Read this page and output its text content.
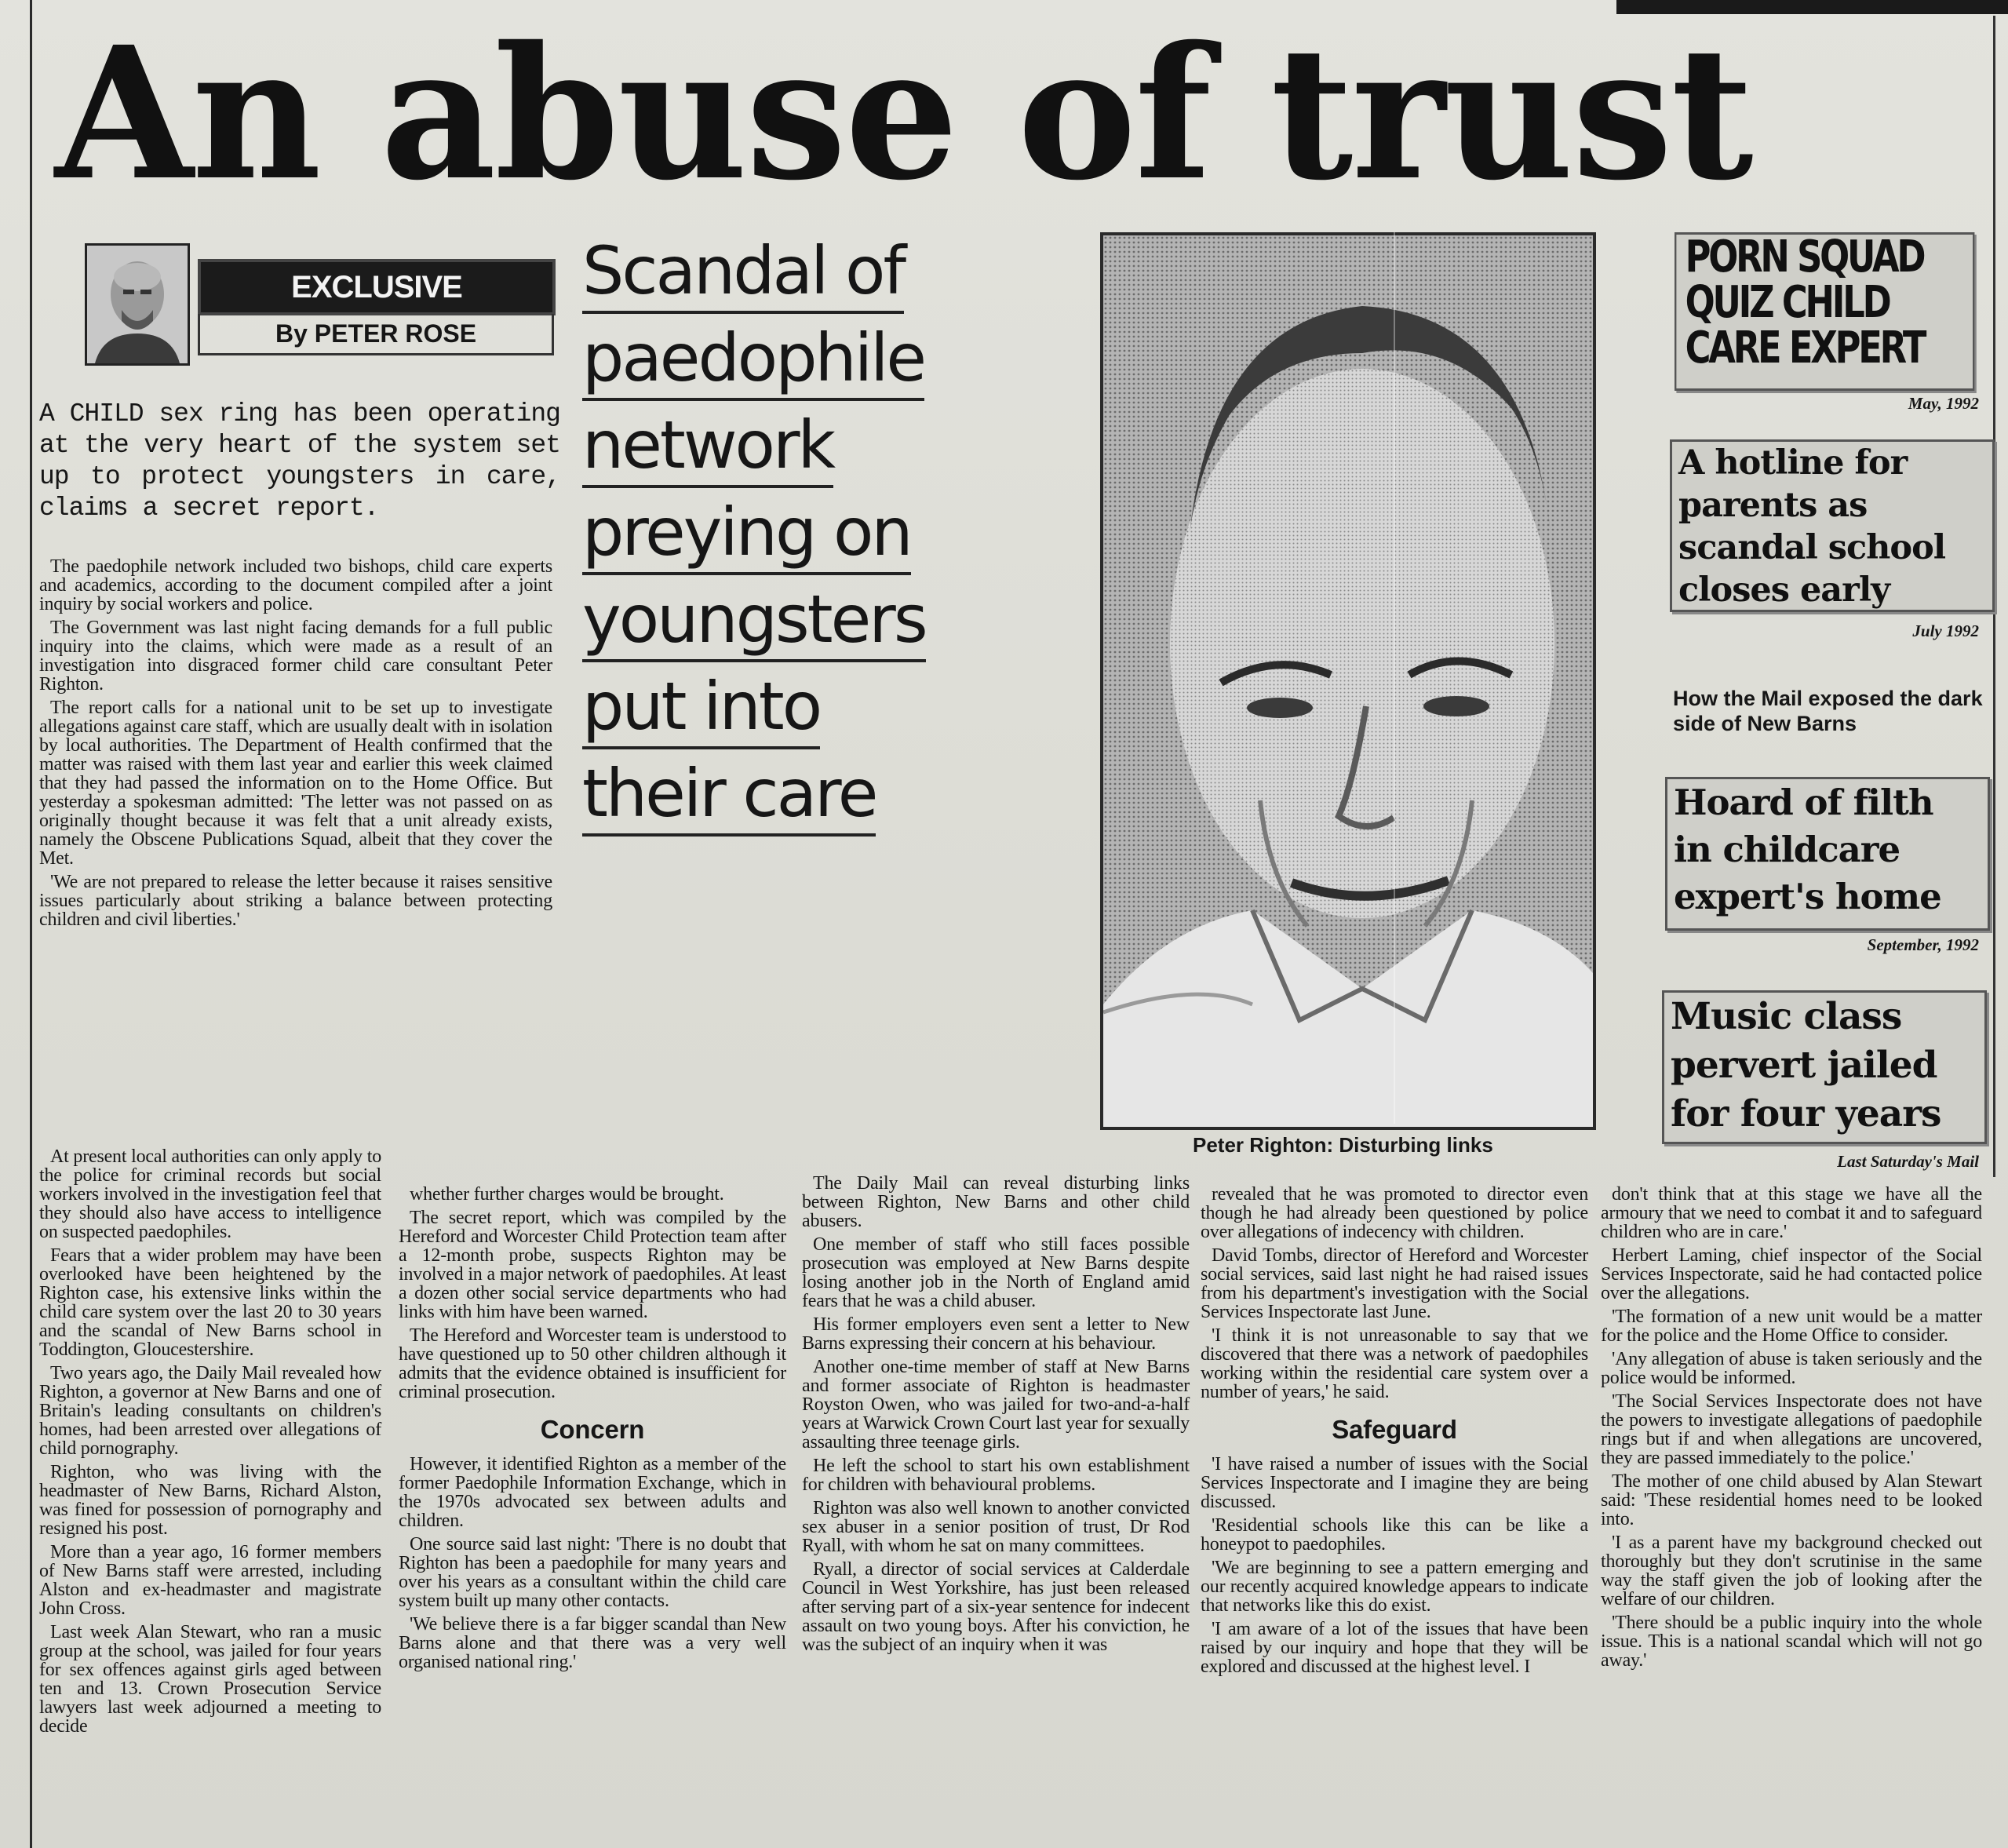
An abuse of trust
EXCLUSIVE
By PETER ROSE
A CHILD sex ring has been operating at the very heart of the system set up to protect youngsters in care, claims a secret report.

The paedophile network included two bishops, child care experts and academics, according to the document compiled after a joint inquiry by social workers and police.

The Government was last night facing demands for a full public inquiry into the claims, which were made as a result of an investigation into disgraced former child care consultant Peter Righton.

The report calls for a national unit to be set up to investigate allegations against care staff, which are usually dealt with in isolation by local authorities. The Department of Health confirmed that the matter was raised with them last year and earlier this week claimed that they had passed the information on to the Home Office. But yesterday a spokesman admitted: 'The letter was not passed on as originally thought because it was felt that a unit already exists, namely the Obscene Publications Squad, albeit that they cover the Met.

'We are not prepared to release the letter because it raises sensitive issues particularly about striking a balance between protecting children and civil liberties.'

At present local authorities can only apply to the police for criminal records but social workers involved in the investigation feel that they should also have access to intelligence on suspected paedophiles.

Fears that a wider problem may have been overlooked have been heightened by the Righton case, his extensive links within the child care system over the last 20 to 30 years and the scandal of New Barns school in Toddington, Gloucestershire.

Two years ago, the Daily Mail revealed how Righton, a governor at New Barns and one of Britain's leading consultants on children's homes, had been arrested over allegations of child pornography.

Righton, who was living with the headmaster of New Barns, Richard Alston, was fined for possession of pornography and resigned his post.

More than a year ago, 16 former members of New Barns staff were arrested, including Alston and ex-headmaster and magistrate John Cross.

Last week Alan Stewart, who ran a music group at the school, was jailed for four years for sex offences against girls aged between ten and 13. Crown Prosecution Service lawyers last week adjourned a meeting to decide

whether further charges would be brought.

The secret report, which was compiled by the Hereford and Worcester Child Protection team after a 12-month probe, suspects Righton may be involved in a major network of paedophiles. At least a dozen other social service departments who had links with him have been warned.

The Hereford and Worcester team is understood to have questioned up to 50 other children although it admits that the evidence obtained is insufficient for criminal prosecution.

Concern

However, it identified Righton as a member of the former Paedophile Information Exchange, which in the 1970s advocated sex between adults and children.

One source said last night: 'There is no doubt that Righton has been a paedophile for many years and over his years as a consultant within the child care system built up many other contacts.

'We believe there is a far bigger scandal than New Barns alone and that there was a very well organised national ring.'

The Daily Mail can reveal disturbing links between Righton, New Barns and other child abusers.

One member of staff who still faces possible prosecution was employed at New Barns despite losing another job in the North of England amid fears that he was a child abuser.

His former employers even sent a letter to New Barns expressing their concern at his behaviour.

Another one-time member of staff at New Barns and former associate of Righton is headmaster Royston Owen, who was jailed for two-and-a-half years at Warwick Crown Court last year for sexually assaulting three teenage girls.

He left the school to start his own establishment for children with behavioural problems.

Righton was also well known to another convicted sex abuser in a senior position of trust, Dr Rod Ryall, with whom he sat on many committees.

Ryall, a director of social services at Calderdale Council in West Yorkshire, has just been released after serving part of a six-year sentence for indecent assault on two young boys. After his conviction, he was the subject of an inquiry when it was

revealed that he was promoted to director even though he had already been questioned by police over allegations of indecency with children.

David Tombs, director of Hereford and Worcester social services, said last night he had raised issues from his department's investigation with the Social Services Inspectorate last June.

'I think it is not unreasonable to say that we discovered that there was a network of paedophiles working within the residential care system over a number of years,' he said.

Safeguard

'I have raised a number of issues with the Social Services Inspectorate and I imagine they are being discussed.

'Residential schools like this can be like a honeypot to paedophiles.

'We are beginning to see a pattern emerging and our recently acquired knowledge appears to indicate that networks like this do exist.

'I am aware of a lot of the issues that have been raised by our inquiry and hope that they will be explored and discussed at the highest level. I

don't think that at this stage we have all the armoury that we need to combat it and to safeguard children who are in care.'

Herbert Laming, chief inspector of the Social Services Inspectorate, said he had contacted police over the allegations.

'The formation of a new unit would be a matter for the police and the Home Office to consider.

'Any allegation of abuse is taken seriously and the police would be informed.

'The Social Services Inspectorate does not have the powers to investigate allegations of paedophile rings but if and when allegations are uncovered, they are passed immediately to the police.'

The mother of one child abused by Alan Stewart said: 'These residential homes need to be looked into.

'I as a parent have my background checked out thoroughly but they don't scrutinise in the same way the staff given the job of looking after the welfare of our children.

'There should be a public inquiry into the whole issue. This is a national scandal which will not go away.'

Scandal of
paedophile
network
preying on
youngsters
put into
their care
Peter Righton: Disturbing links
PORN SQUAD
QUIZ CHILD
CARE EXPERT
May, 1992
A hotline for
parents as
scandal school
closes early
July 1992
How the Mail exposed the dark side of New Barns
Hoard of filth
in childcare
expert's home
September, 1992
Music class
pervert jailed
for four years
Last Saturday's Mail
